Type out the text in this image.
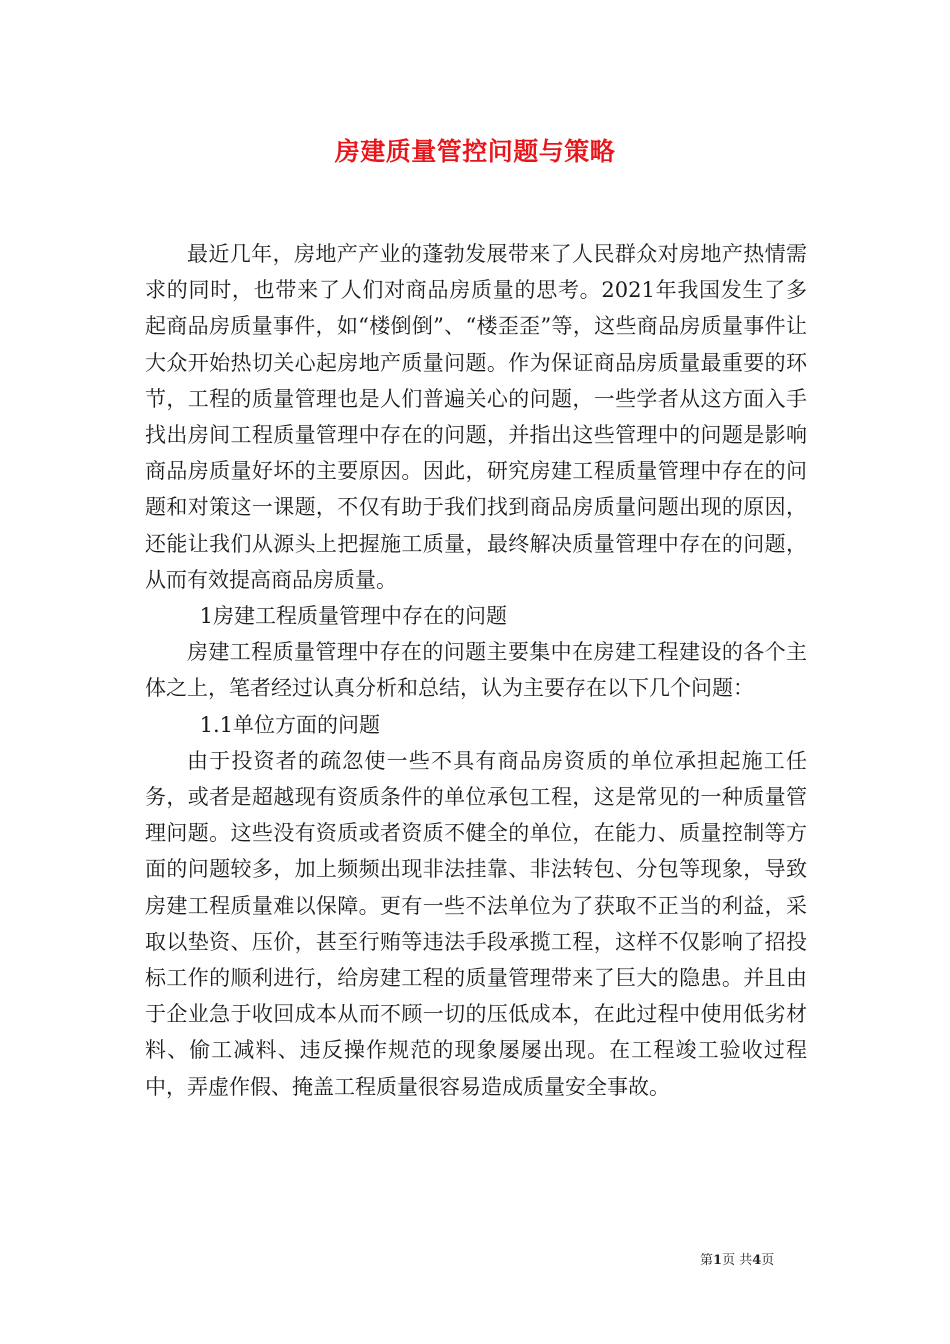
房建质量管控问题与策略

最近几年，房地产产业的蓬勃发展带来了人民群众对房地产热情需求的同时，也带来了人们对商品房质量的思考。2021年我国发生了多起商品房质量事件，如“楼倒倒”、“楼歪歪”等，这些商品房质量事件让大众开始热切关心起房地产质量问题。作为保证商品房质量最重要的环节，工程的质量管理也是人们普遍关心的问题，一些学者从这方面入手找出房间工程质量管理中存在的问题，并指出这些管理中的问题是影响商品房质量好坏的主要原因。因此，研究房建工程质量管理中存在的问题和对策这一课题，不仅有助于我们找到商品房质量问题出现的原因，还能让我们从源头上把握施工质量，最终解决质量管理中存在的问题，从而有效提高商品房质量。

1房建工程质量管理中存在的问题

房建工程质量管理中存在的问题主要集中在房建工程建设的各个主体之上，笔者经过认真分析和总结，认为主要存在以下几个问题：

1.1单位方面的问题

由于投资者的疏忽使一些不具有商品房资质的单位承担起施工任务，或者是超越现有资质条件的单位承包工程，这是常见的一种质量管理问题。这些没有资质或者资质不健全的单位，在能力、质量控制等方面的问题较多，加上频频出现非法挂靠、非法转包、分包等现象，导致房建工程质量难以保障。更有一些不法单位为了获取不正当的利益，采取以垫资、压价，甚至行贿等违法手段承揽工程，这样不仅影响了招投标工作的顺利进行，给房建工程的质量管理带来了巨大的隐患。并且由于企业急于收回成本从而不顾一切的压低成本，在此过程中使用低劣材料、偷工减料、违反操作规范的现象屡屡出现。在工程竣工验收过程中，弄虚作假、掩盖工程质量很容易造成质量安全事故。

第1页 共4页
